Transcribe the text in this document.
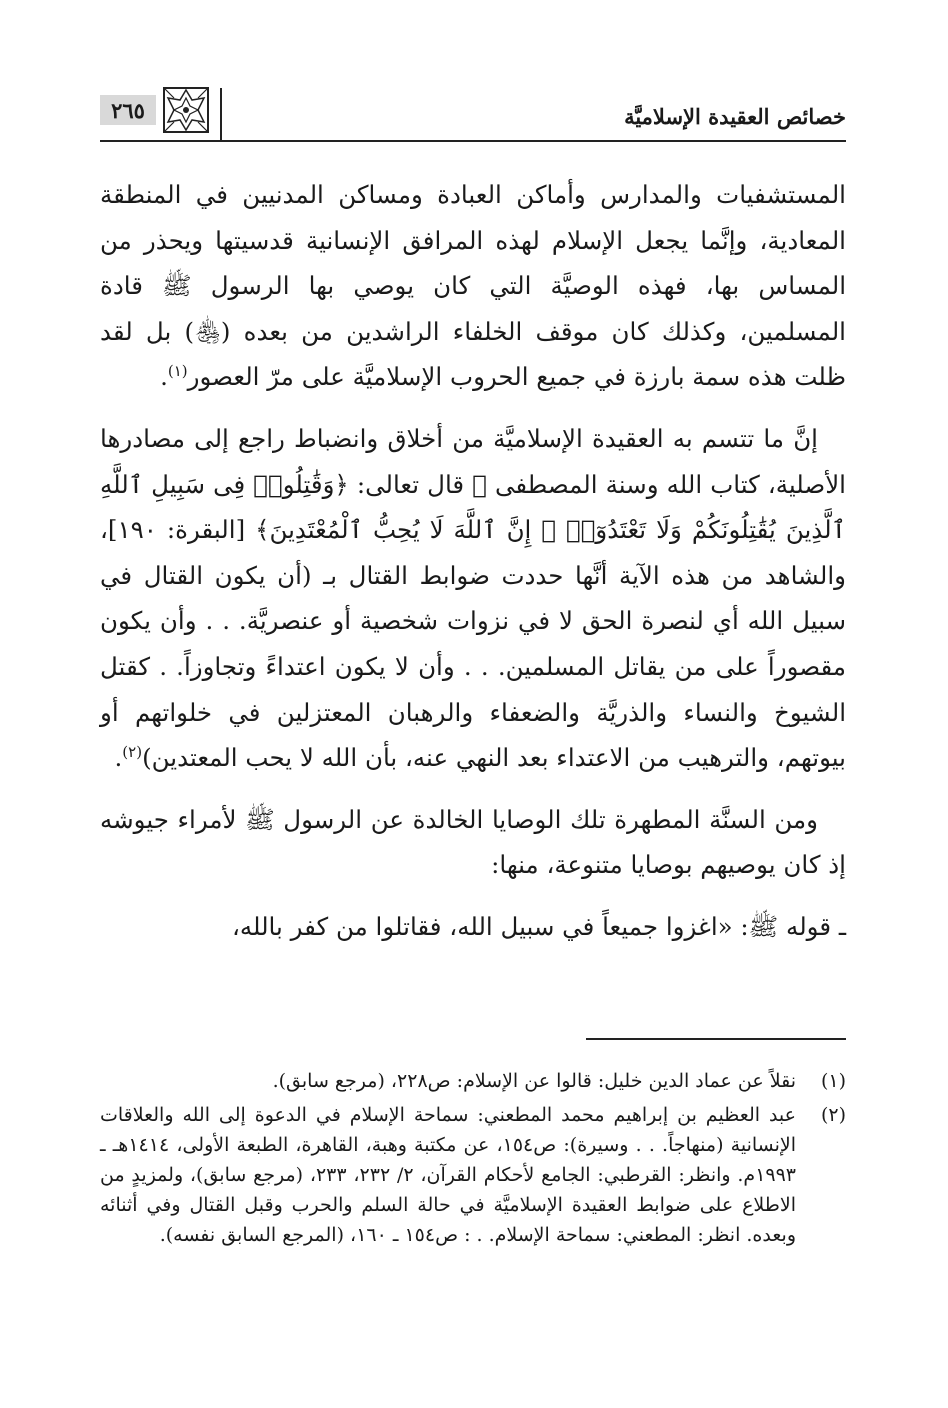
خصائص العقيدة الإسلاميَّة
٢٦٥

المستشفيات والمدارس وأماكن العبادة ومساكن المدنيين في المنطقة المعادية، وإنَّما يجعل الإسلام لهذه المرافق الإنسانية قدسيتها ويحذر من المساس بها، فهذه الوصيَّة التي كان يوصي بها الرسول ﷺ قادة المسلمين، وكذلك كان موقف الخلفاء الراشدين من بعده (﵃) بل لقد ظلت هذه سمة بارزة في جميع الحروب الإسلاميَّة على مرّ العصور$^{(١)}$.

إنَّ ما تتسم به العقيدة الإسلاميَّة من أخلاق وانضباط راجع إلى مصادرها الأصلية، كتاب الله وسنة المصطفى ﷺ قال تعالى: ﴿وَقَٰتِلُوا۟ فِى سَبِيلِ ٱللَّهِ ٱلَّذِينَ يُقَٰتِلُونَكُمْ وَلَا تَعْتَدُوٓا۟ ۚ إِنَّ ٱللَّهَ لَا يُحِبُّ ٱلْمُعْتَدِينَ﴾ [البقرة: ١٩٠]، والشاهد من هذه الآية أنَّها حددت ضوابط القتال بـ (أن يكون القتال في سبيل الله أي لنصرة الحق لا في نزوات شخصية أو عنصريَّة. . . وأن يكون مقصوراً على من يقاتل المسلمين. . . وأن لا يكون اعتداءً وتجاوزاً. . كقتل الشيوخ والنساء والذريَّة والضعفاء والرهبان المعتزلين في خلواتهم أو بيوتهم، والترهيب من الاعتداء بعد النهي عنه، بأن الله لا يحب المعتدين)$^{(٢)}$.

ومن السنَّة المطهرة تلك الوصايا الخالدة عن الرسول ﷺ لأمراء جيوشه إذ كان يوصيهم بوصايا متنوعة، منها:

ـ قوله ﷺ: «اغزوا جميعاً في سبيل الله، فقاتلوا من كفر بالله،

(١)
نقلاً عن عماد الدين خليل: قالوا عن الإسلام: ص٢٢٨، (مرجع سابق).
(٢)
عبد العظيم بن إبراهيم محمد المطعني: سماحة الإسلام في الدعوة إلى الله والعلاقات الإنسانية (منهاجاً. . . وسيرة): ص١٥٤، عن مكتبة وهبة، القاهرة، الطبعة الأولى، ١٤١٤هـ ـ ١٩٩٣م. وانظر: القرطبي: الجامع لأحكام القرآن، ٢/ ٢٣٢، ٢٣٣، (مرجع سابق)، ولمزيدٍ من الاطلاع على ضوابط العقيدة الإسلاميَّة في حالة السلم والحرب وقبل القتال وفي أثنائه وبعده. انظر: المطعني: سماحة الإسلام. . : ص١٥٤ ـ ١٦٠، (المرجع السابق نفسه).
